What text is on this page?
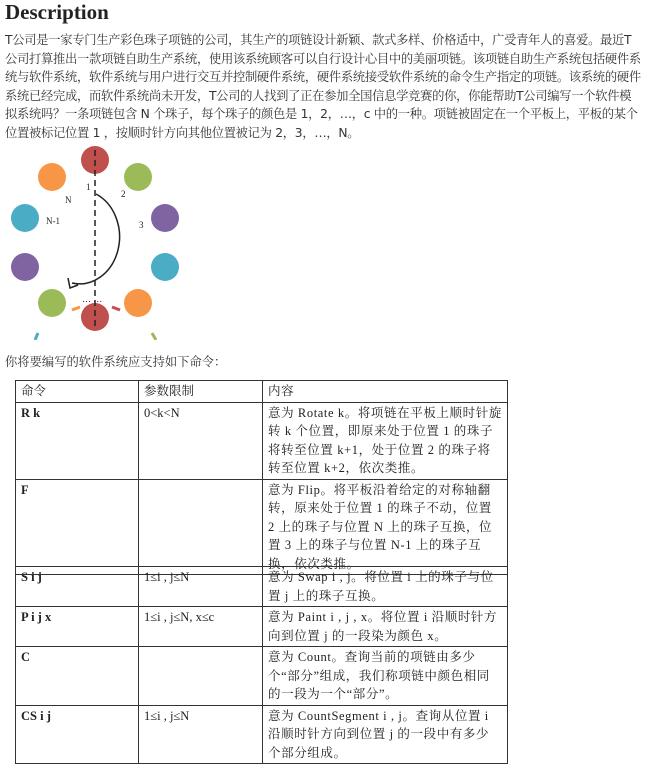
Description
T公司是一家专门生产彩色珠子项链的公司，其生产的项链设计新颖、款式多样、价格适中，广受青年人的喜爱。最近T公司打算推出一款项链自助生产系统，使用该系统顾客可以自行设计心目中的美丽项链。该项链自助生产系统包括硬件系统与软件系统，软件系统与用户进行交互并控制硬件系统，硬件系统接受软件系统的命令生产指定的项链。该系统的硬件系统已经完成，而软件系统尚未开发，T公司的人找到了正在参加全国信息学竞赛的你，你能帮助T公司编写一个软件模拟系统吗？一条项链包含 N 个珠子，每个珠子的颜色是 1，2，…，c 中的一种。项链被固定在一个平板上，平板的某个位置被标记位置 1 ，按顺时针方向其他位置被记为 2，3，…，N。
N
N-1
1
2
3
… …
你将要编写的软件系统应支持如下命令：
命令	参数限制	内容
R k	0<k<N	意为 Rotate k。将项链在平板上顺时针旋转 k 个位置，即原来处于位置 1 的珠子将转至位置 k+1，处于位置 2 的珠子将转至位置 k+2，依次类推。
F		意为 Flip。将平板沿着给定的对称轴翻转，原来处于位置 1 的珠子不动，位置 2 上的珠子与位置 N 上的珠子互换，位置 3 上的珠子与位置 N-1 上的珠子互换，依次类推。
S i j	1≤i , j≤N	意为 Swap i , j。将位置 i 上的珠子与位置 j 上的珠子互换。
P i j x	1≤i , j≤N, x≤c	意为 Paint i , j , x。将位置 i 沿顺时针方向到位置 j 的一段染为颜色 x。
C		意为 Count。查询当前的项链由多少个“部分”组成，我们称项链中颜色相同的一段为一个“部分”。
CS i j	1≤i , j≤N	意为 CountSegment i , j。查询从位置 i 沿顺时针方向到位置 j 的一段中有多少个部分组成。
